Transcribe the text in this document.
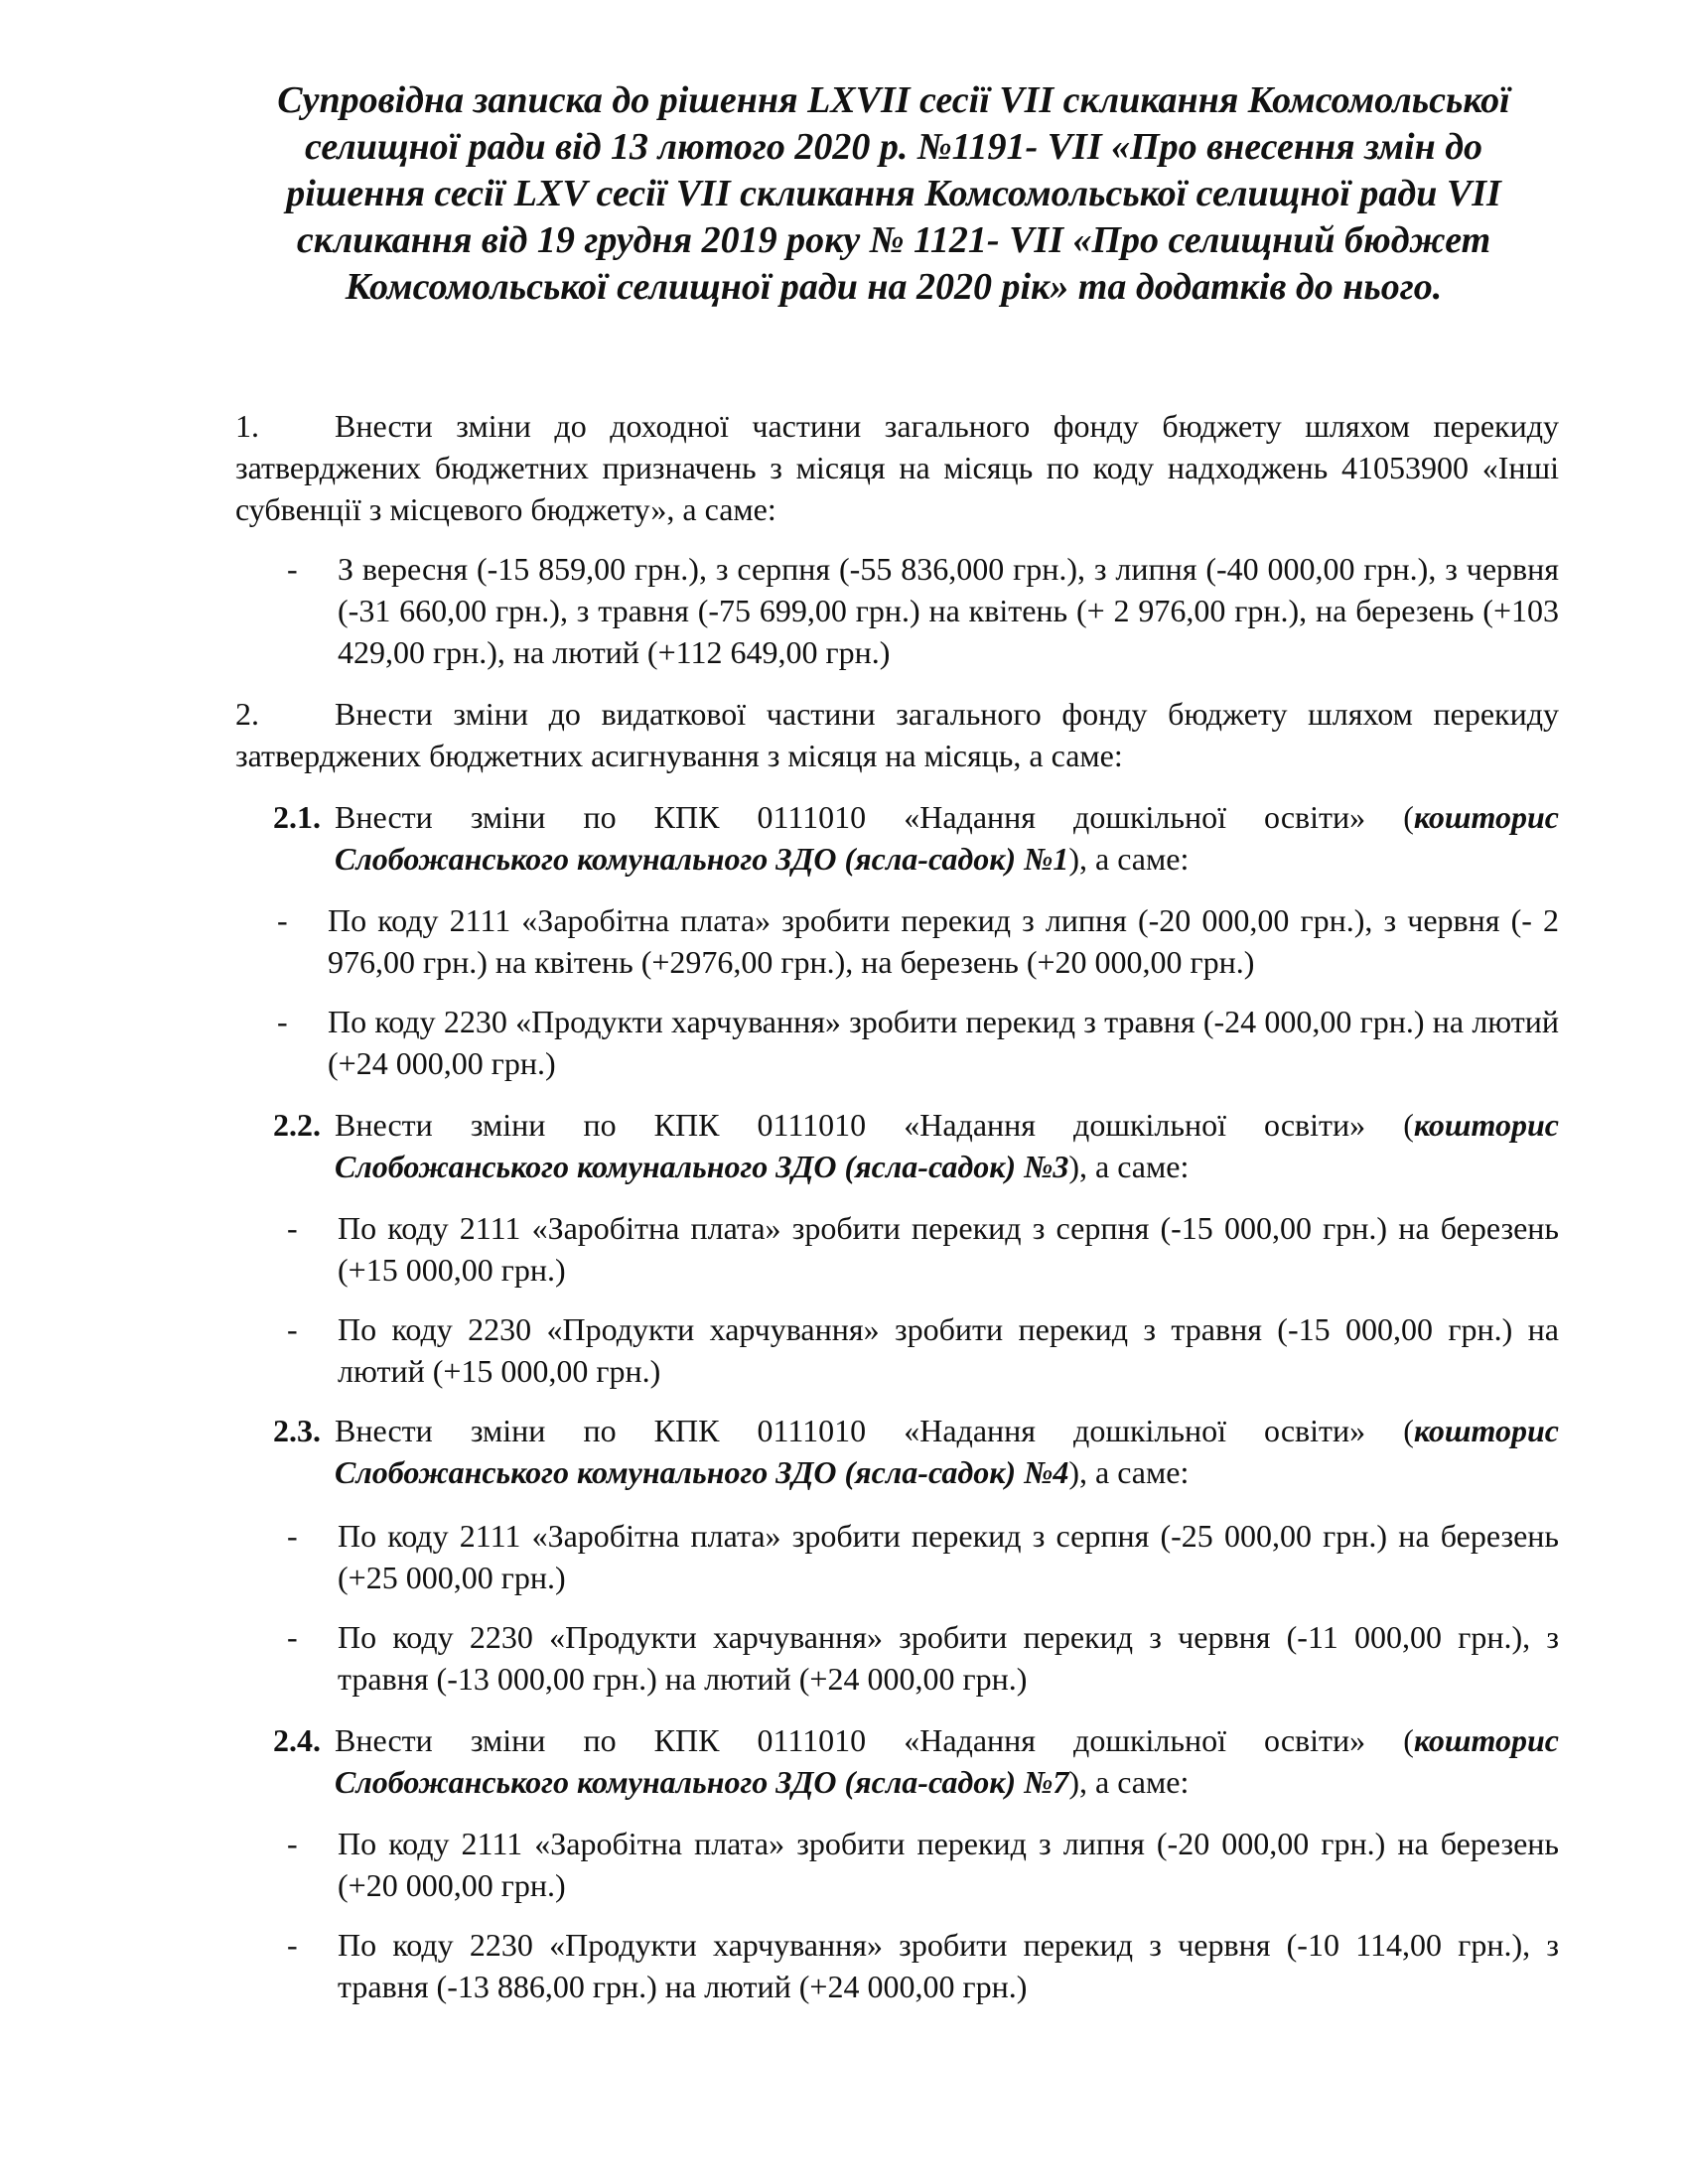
Супровідна записка до рішення LXVII сесії VII скликання Комсомольської селищної ради від 13 лютого 2020 р. №1191- VII «Про внесення змін до рішення сесії LXV сесії VII скликання Комсомольської селищної ради VII скликання від 19 грудня 2019 року № 1121- VII «Про селищний бюджет Комсомольської селищної ради на 2020 рік» та додатків до нього.
1. Внести зміни до доходної частини загального фонду бюджету шляхом перекиду затверджених бюджетних призначень з місяця на місяць по коду надходжень 41053900 «Інші субвенції з місцевого бюджету», а саме:
- З вересня (-15 859,00 грн.), з серпня (-55 836,000 грн.), з липня (-40 000,00 грн.), з червня (-31 660,00 грн.), з травня (-75 699,00 грн.) на квітень (+ 2 976,00 грн.), на березень (+103 429,00 грн.), на лютий (+112 649,00 грн.)
2. Внести зміни до видаткової частини загального фонду бюджету шляхом перекиду затверджених бюджетних асигнування з місяця на місяць, а саме:
2.1. Внести зміни по КПК 0111010 «Надання дошкільної освіти» (кошторис Слобожанського комунального ЗДО (ясла-садок) №1), а саме:
- По коду 2111 «Заробітна плата» зробити перекид з липня (-20 000,00 грн.), з червня (- 2 976,00 грн.) на квітень (+2976,00 грн.), на березень (+20 000,00 грн.)
- По коду 2230 «Продукти харчування» зробити перекид з травня (-24 000,00 грн.) на лютий (+24 000,00 грн.)
2.2. Внести зміни по КПК 0111010 «Надання дошкільної освіти» (кошторис Слобожанського комунального ЗДО (ясла-садок) №3), а саме:
- По коду 2111 «Заробітна плата» зробити перекид з серпня (-15 000,00 грн.) на березень (+15 000,00 грн.)
- По коду 2230 «Продукти харчування» зробити перекид з травня (-15 000,00 грн.) на лютий (+15 000,00 грн.)
2.3. Внести зміни по КПК 0111010 «Надання дошкільної освіти» (кошторис Слобожанського комунального ЗДО (ясла-садок) №4), а саме:
- По коду 2111 «Заробітна плата» зробити перекид з серпня (-25 000,00 грн.) на березень (+25 000,00 грн.)
- По коду 2230 «Продукти харчування» зробити перекид з червня (-11 000,00 грн.), з травня (-13 000,00 грн.) на лютий (+24 000,00 грн.)
2.4. Внести зміни по КПК 0111010 «Надання дошкільної освіти» (кошторис Слобожанського комунального ЗДО (ясла-садок) №7), а саме:
- По коду 2111 «Заробітна плата» зробити перекид з липня (-20 000,00 грн.) на березень (+20 000,00 грн.)
- По коду 2230 «Продукти харчування» зробити перекид з червня (-10 114,00 грн.), з травня (-13 886,00 грн.) на лютий (+24 000,00 грн.)
